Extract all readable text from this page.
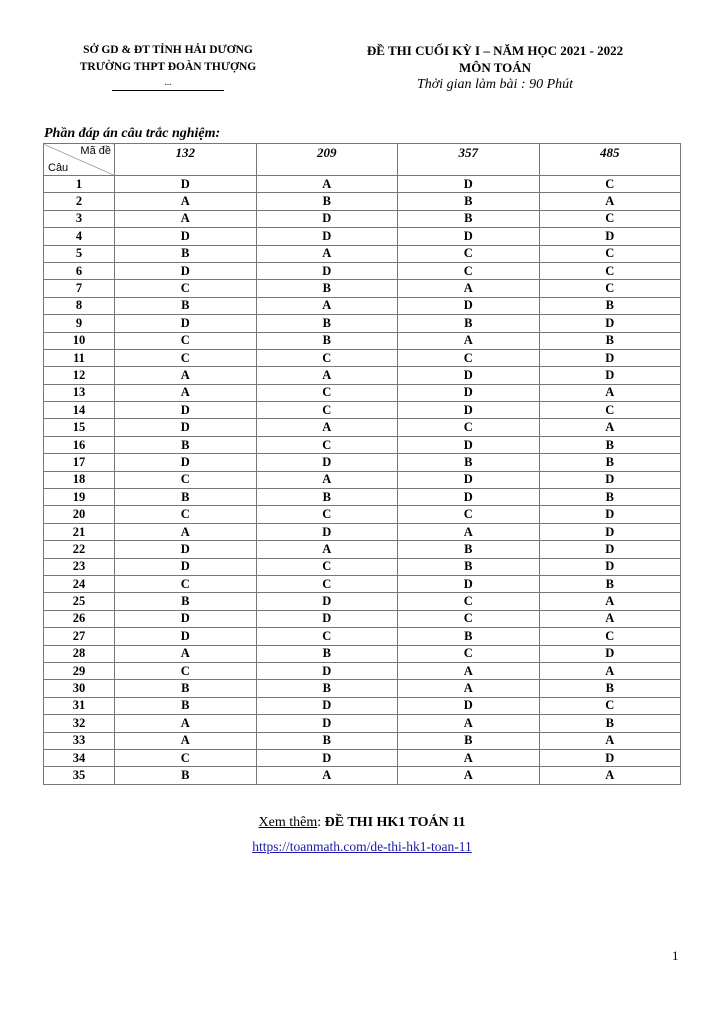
SỞ GD & ĐT TỈNH HẢI DƯƠNG
TRƯỜNG THPT ĐOÀN THƯỢNG
...
ĐỀ THI CUỐI KỲ I – NĂM HỌC 2021 - 2022
MÔN TOÁN
Thời gian làm bài : 90 Phút
Phần đáp án câu trắc nghiệm:
Mã đề
Câu	132	209	357	485
1	D	A	D	C
2	A	B	B	A
3	A	D	B	C
4	D	D	D	D
5	B	A	C	C
6	D	D	C	C
7	C	B	A	C
8	B	A	D	B
9	D	B	B	D
10	C	B	A	B
11	C	C	C	D
12	A	A	D	D
13	A	C	D	A
14	D	C	D	C
15	D	A	C	A
16	B	C	D	B
17	D	D	B	B
18	C	A	D	D
19	B	B	D	B
20	C	C	C	D
21	A	D	A	D
22	D	A	B	D
23	D	C	B	D
24	C	C	D	B
25	B	D	C	A
26	D	D	C	A
27	D	C	B	C
28	A	B	C	D
29	C	D	A	A
30	B	B	A	B
31	B	D	D	C
32	A	D	A	B
33	A	B	B	A
34	C	D	A	D
35	B	A	A	A
Xem thêm: ĐỀ THI HK1 TOÁN 11
https://toanmath.com/de-thi-hk1-toan-11
1
